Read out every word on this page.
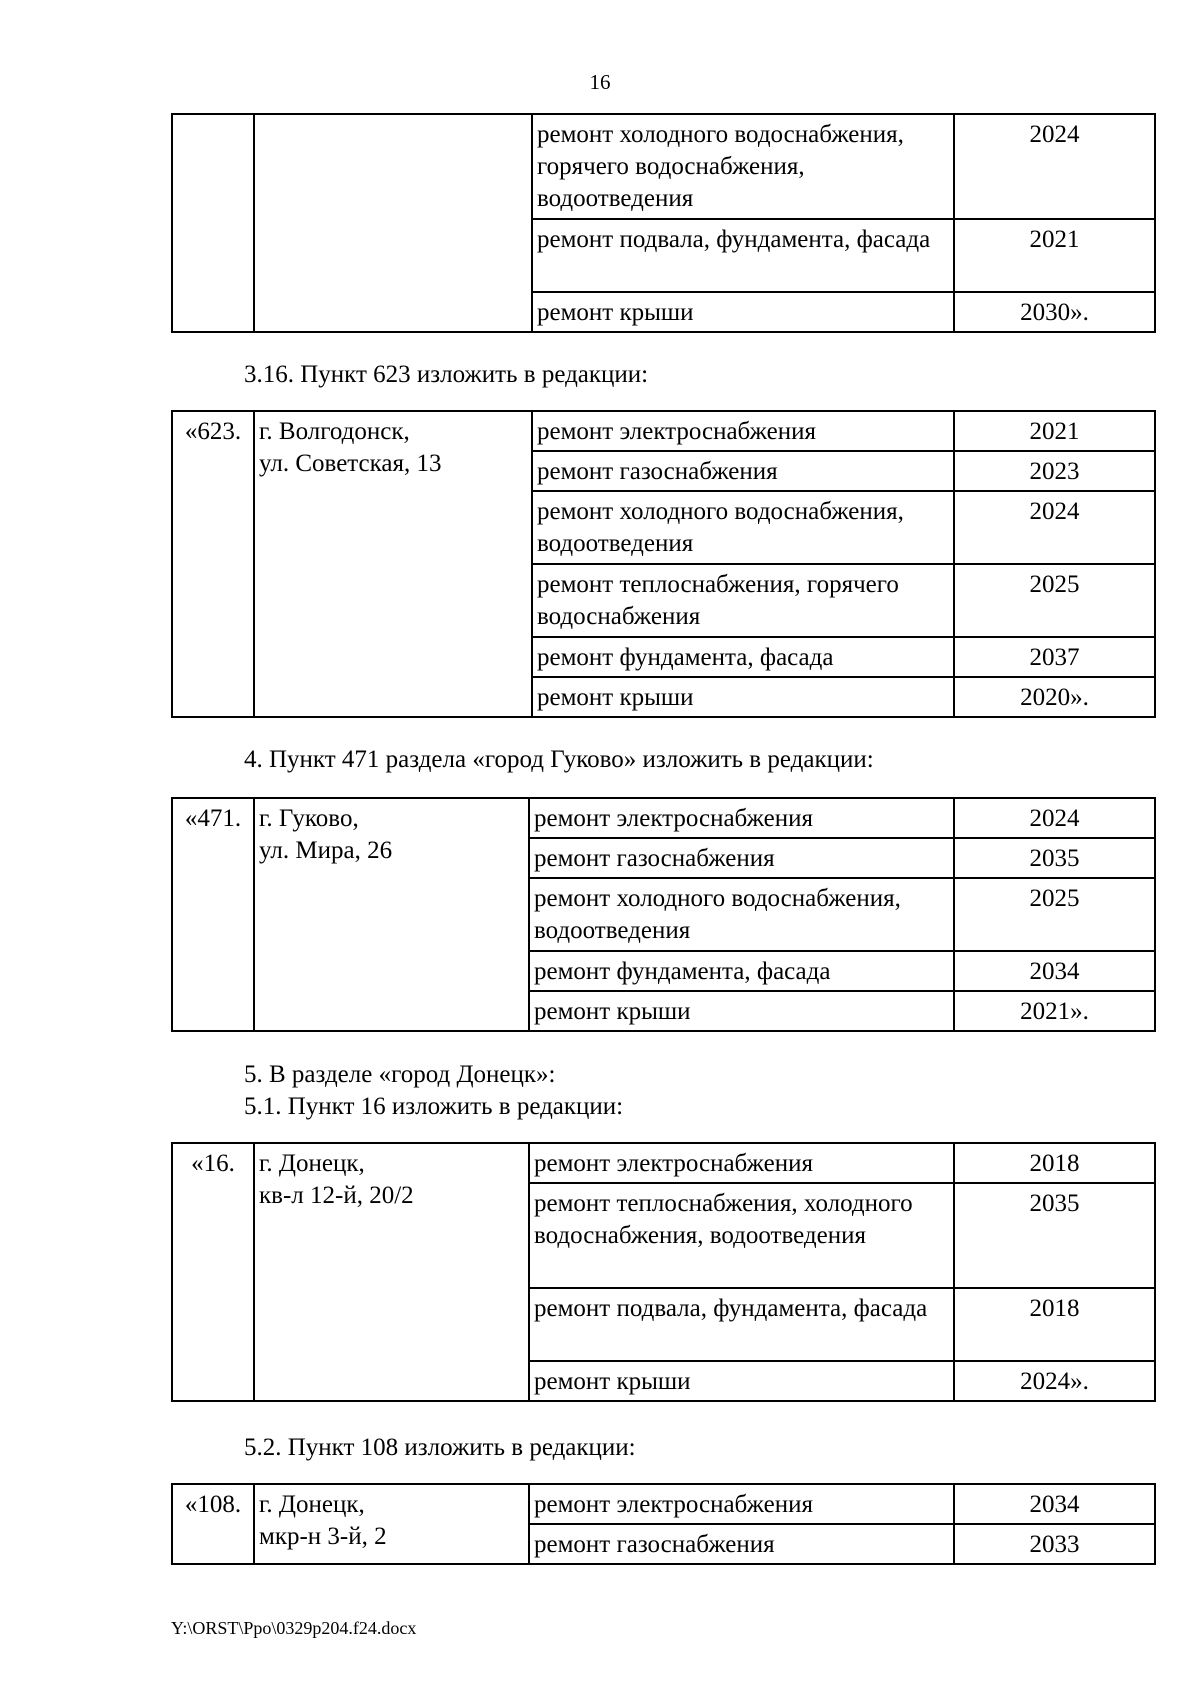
16
		ремонт холодного водоснабжения, горячего водоснабжения, водоотведения	2024
		ремонт подвала, фундамента, фасада	2021
		ремонт крыши	2030».
3.16. Пункт 623 изложить в редакции:
«623.	г. Волгодонск,
ул. Советская, 13	ремонт электроснабжения	2021
		ремонт газоснабжения	2023
		ремонт холодного водоснабжения, водоотведения	2024
		ремонт теплоснабжения, горячего водоснабжения	2025
		ремонт фундамента, фасада	2037
		ремонт крыши	2020».
4. Пункт 471 раздела «город Гуково» изложить в редакции:
«471.	г. Гуково,
ул. Мира, 26	ремонт электроснабжения	2024
		ремонт газоснабжения	2035
		ремонт холодного водоснабжения, водоотведения	2025
		ремонт фундамента, фасада	2034
		ремонт крыши	2021».
5. В разделе «город Донецк»:
5.1. Пункт 16 изложить в редакции:
«16.	г. Донецк,
кв-л 12-й, 20/2	ремонт электроснабжения	2018
		ремонт теплоснабжения, холодного водоснабжения, водоотведения	2035
		ремонт подвала, фундамента, фасада	2018
		ремонт крыши	2024».
5.2. Пункт 108 изложить в редакции:
«108.	г. Донецк,
мкр-н 3-й, 2	ремонт электроснабжения	2034
		ремонт газоснабжения	2033
Y:\ORST\Ppo\0329p204.f24.docx
